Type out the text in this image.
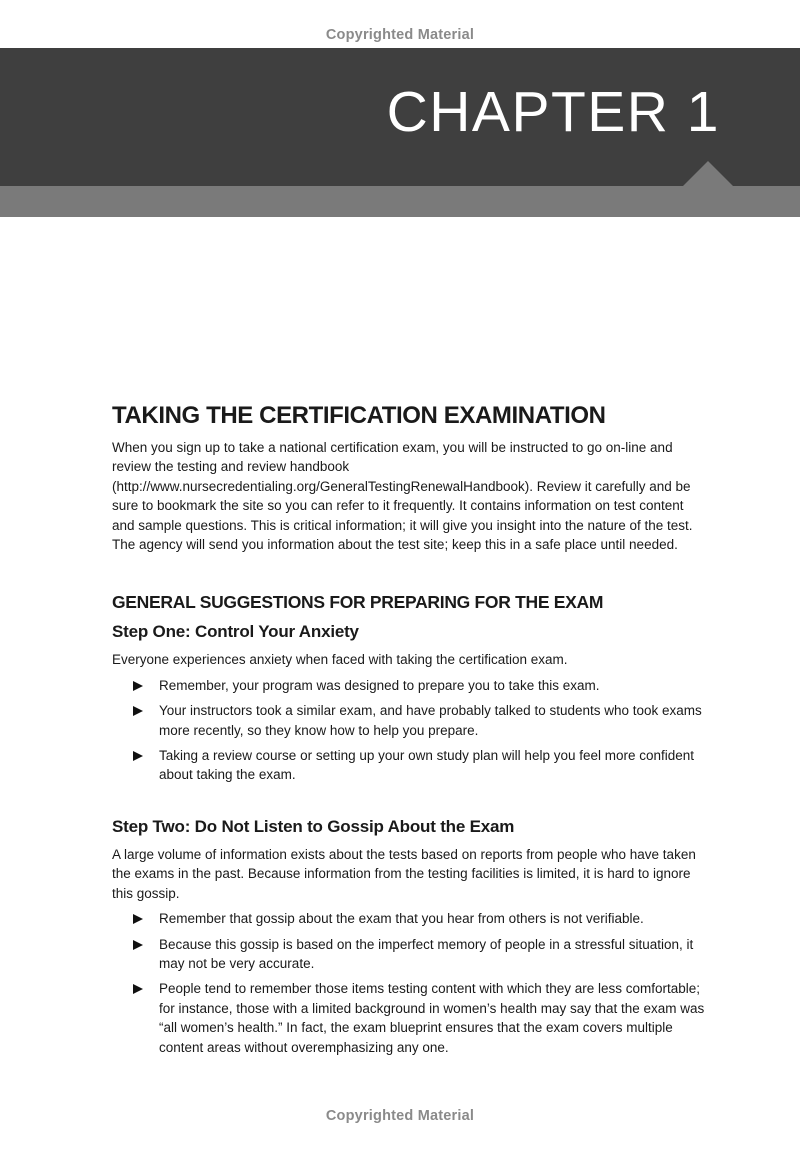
Copyrighted Material
CHAPTER 1
TAKING THE CERTIFICATION EXAMINATION

When you sign up to take a national certification exam, you will be instructed to go on-line and review the testing and review handbook (http://www.nursecredentialing.org/GeneralTestingRenewalHandbook). Review it carefully and be sure to bookmark the site so you can refer to it frequently. It contains information on test content and sample questions. This is critical information; it will give you insight into the nature of the test. The agency will send you information about the test site; keep this in a safe place until needed.

GENERAL SUGGESTIONS FOR PREPARING FOR THE EXAM
Step One: Control Your Anxiety

Everyone experiences anxiety when faced with taking the certification exam.

Remember, your program was designed to prepare you to take this exam.
Your instructors took a similar exam, and have probably talked to students who took exams more recently, so they know how to help you prepare.
Taking a review course or setting up your own study plan will help you feel more confident about taking the exam.
Step Two: Do Not Listen to Gossip About the Exam

A large volume of information exists about the tests based on reports from people who have taken the exams in the past. Because information from the testing facilities is limited, it is hard to ignore this gossip.

Remember that gossip about the exam that you hear from others is not verifiable.
Because this gossip is based on the imperfect memory of people in a stressful situation, it may not be very accurate.
People tend to remember those items testing content with which they are less comfortable; for instance, those with a limited background in women’s health may say that the exam was “all women’s health.” In fact, the exam blueprint ensures that the exam covers multiple content areas without overemphasizing any one.
Copyrighted Material
